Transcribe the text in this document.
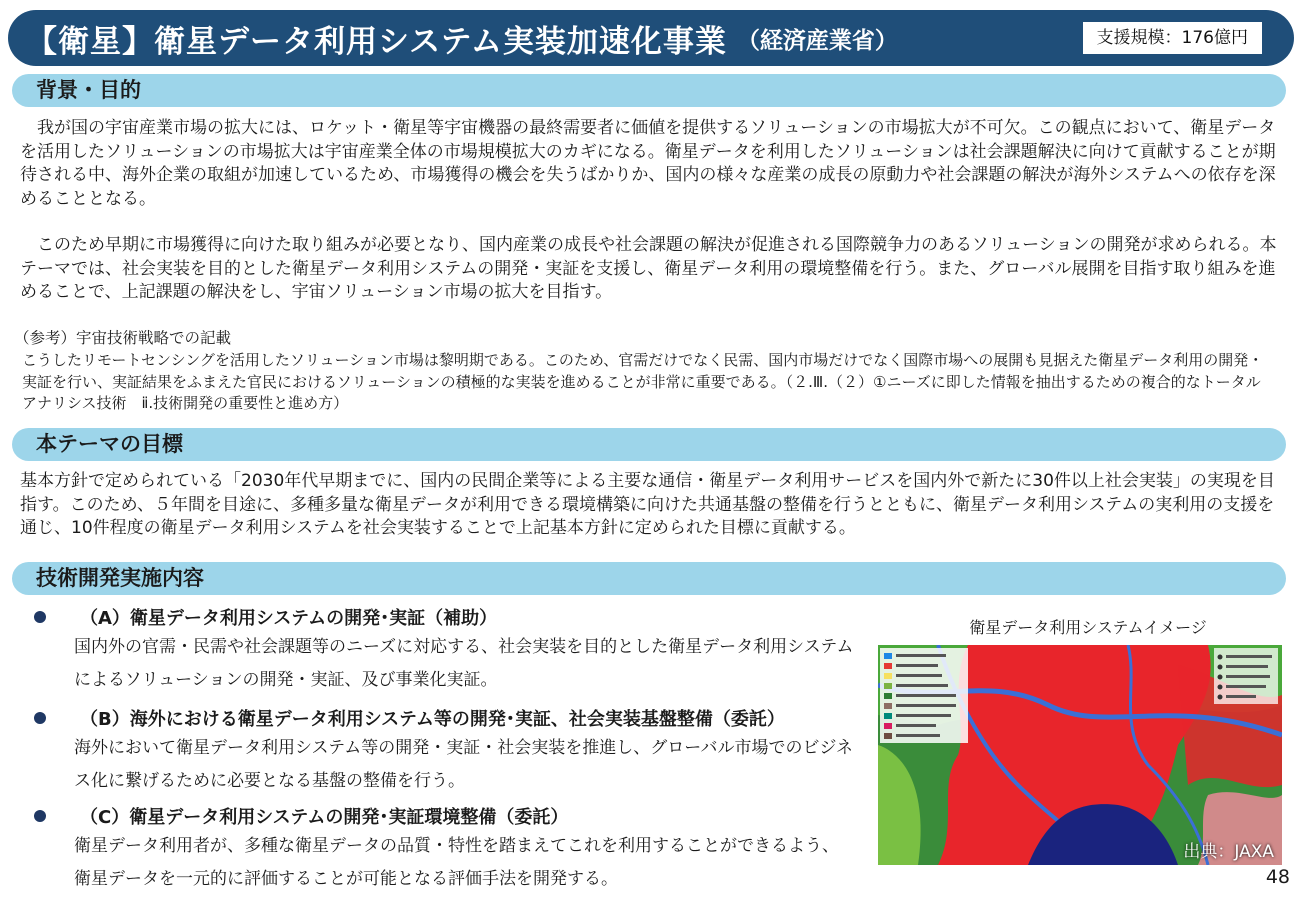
【衛星】衛星データ利用システム実装加速化事業 （経済産業省）	支援規模：176億円
背景・目的

我が国の宇宙産業市場の拡大には、ロケット・衛星等宇宙機器の最終需要者に価値を提供するソリューションの市場拡大が不可欠。この観点において、衛星データを活用したソリューションの市場拡大は宇宙産業全体の市場規模拡大のカギになる。衛星データを利用したソリューションは社会課題解決に向けて貢献することが期待される中、海外企業の取組が加速しているため、市場獲得の機会を失うばかりか、国内の様々な産業の成長の原動力や社会課題の解決が海外システムへの依存を深めることとなる。

このため早期に市場獲得に向けた取り組みが必要となり、国内産業の成長や社会課題の解決が促進される国際競争力のあるソリューションの開発が求められる。本テーマでは、社会実装を目的とした衛星データ利用システムの開発・実証を支援し、衛星データ利用の環境整備を行う。また、グローバル展開を目指す取り組みを進めることで、上記課題の解決をし、宇宙ソリューション市場の拡大を目指す。

（参考）宇宙技術戦略での記載

こうしたリモートセンシングを活用したソリューション市場は黎明期である。このため、官需だけでなく民需、国内市場だけでなく国際市場への展開も見据えた衛星データ利用の開発・実証を行い、実証結果をふまえた官民におけるソリューションの積極的な実装を進めることが非常に重要である。（２.Ⅲ.（２）①ニーズに即した情報を抽出するための複合的なトータルアナリシス技術　ⅱ.技術開発の重要性と進め方）

本テーマの目標

基本方針で定められている「2030年代早期までに、国内の民間企業等による主要な通信・衛星データ利用サービスを国内外で新たに30件以上社会実装」の実現を目指す。このため、５年間を目途に、多種多量な衛星データが利用できる環境構築に向けた共通基盤の整備を行うとともに、衛星データ利用システムの実利用の支援を通じ、10件程度の衛星データ利用システムを社会実装することで上記基本方針に定められた目標に貢献する。

技術開発実施内容
（A）衛星データ利用システムの開発･実証（補助）
国内外の官需・民需や社会課題等のニーズに対応する、社会実装を目的とした衛星データ利用システムによるソリューションの開発・実証、及び事業化実証。
（B）海外における衛星データ利用システム等の開発･実証、社会実装基盤整備（委託）
海外において衛星データ利用システム等の開発・実証・社会実装を推進し、グローバル市場でのビジネス化に繋げるために必要となる基盤の整備を行う。
（C）衛星データ利用システムの開発･実証環境整備（委託）
衛星データ利用者が、多種な衛星データの品質・特性を踏まえてこれを利用することができるよう、衛星データを一元的に評価することが可能となる評価手法を開発する。
衛星データ利用システムイメージ
出典：JAXA
48
